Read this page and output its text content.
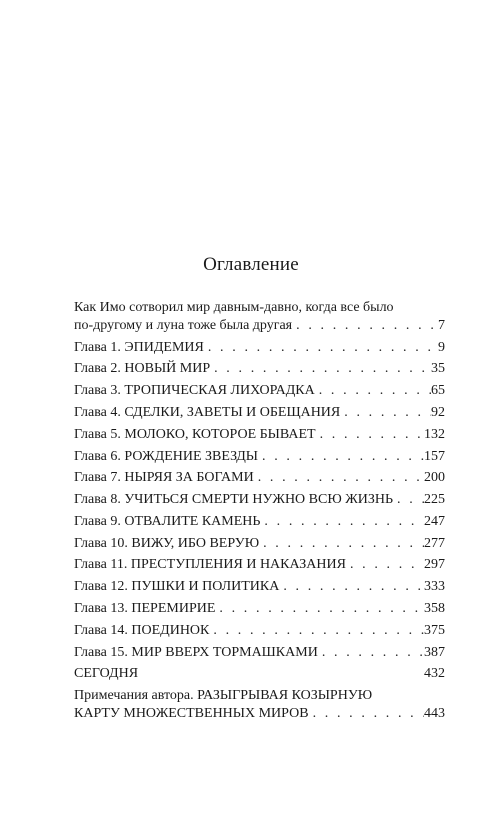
Оглавление
Как Имо сотворил мир давным-давно, когда все было
по-другому и луна тоже была другая . . .	7
Глава 1. ЭПИДЕМИЯ . . .	9
Глава 2. НОВЫЙ МИР . . .	35
Глава 3. ТРОПИЧЕСКАЯ ЛИХОРАДКА . . .	65
Глава 4. СДЕЛКИ, ЗАВЕТЫ И ОБЕЩАНИЯ . . .	92
Глава 5. МОЛОКО, КОТОРОЕ БЫВАЕТ . . .	132
Глава 6. РОЖДЕНИЕ ЗВЕЗДЫ . . .	157
Глава 7. НЫРЯЯ ЗА БОГАМИ . . .	200
Глава 8. УЧИТЬСЯ СМЕРТИ НУЖНО ВСЮ ЖИЗНЬ . . . 225
Глава 9. ОТВАЛИТЕ КАМЕНЬ . . .	247
Глава 10. ВИЖУ, ИБО ВЕРУЮ . . .	277
Глава 11. ПРЕСТУПЛЕНИЯ И НАКАЗАНИЯ . . .	297
Глава 12. ПУШКИ И ПОЛИТИКА . . .	333
Глава 13. ПЕРЕМИРИЕ . . .	358
Глава 14. ПОЕДИНОК . . .	375
Глава 15. МИР ВВЕРХ ТОРМАШКАМИ . . .	387
СЕГОДНЯ	432
Примечания автора. РАЗЫГРЫВАЯ КОЗЫРНУЮ
КАРТУ МНОЖЕСТВЕННЫХ МИРОВ . . .	443
